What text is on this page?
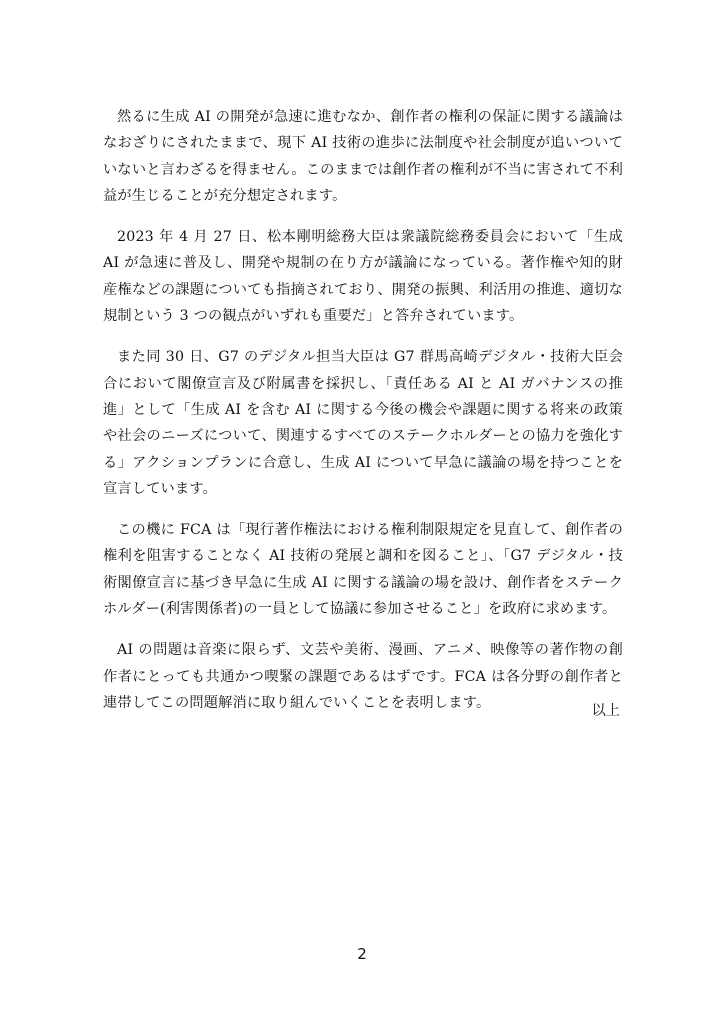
然るに生成 AI の開発が急速に進むなか、創作者の権利の保証に関する議論はなおざりにされたままで、現下 AI 技術の進歩に法制度や社会制度が追いついていないと言わざるを得ません。このままでは創作者の権利が不当に害されて不利益が生じることが充分想定されます。

2023 年 4 月 27 日、松本剛明総務大臣は衆議院総務委員会において「生成 AI が急速に普及し、開発や規制の在り方が議論になっている。著作権や知的財産権などの課題についても指摘されており、開発の振興、利活用の推進、適切な規制という 3 つの観点がいずれも重要だ」と答弁されています。

また同 30 日、G7 のデジタル担当大臣は G7 群馬高崎デジタル・技術大臣会合において閣僚宣言及び附属書を採択し、「責任ある AI と AI ガバナンスの推進」として「生成 AI を含む AI に関する今後の機会や課題に関する将来の政策や社会のニーズについて、関連するすべてのステークホルダーとの協力を強化する」アクションプランに合意し、生成 AI について早急に議論の場を持つことを宣言しています。

この機に FCA は「現行著作権法における権利制限規定を見直して、創作者の権利を阻害することなく AI 技術の発展と調和を図ること」、「G7 デジタル・技術閣僚宣言に基づき早急に生成 AI に関する議論の場を設け、創作者をステークホルダー(利害関係者)の一員として協議に参加させること」を政府に求めます。

AI の問題は音楽に限らず、文芸や美術、漫画、アニメ、映像等の著作物の創作者にとっても共通かつ喫緊の課題であるはずです。FCA は各分野の創作者と連帯してこの問題解消に取り組んでいくことを表明します。

以上

2
